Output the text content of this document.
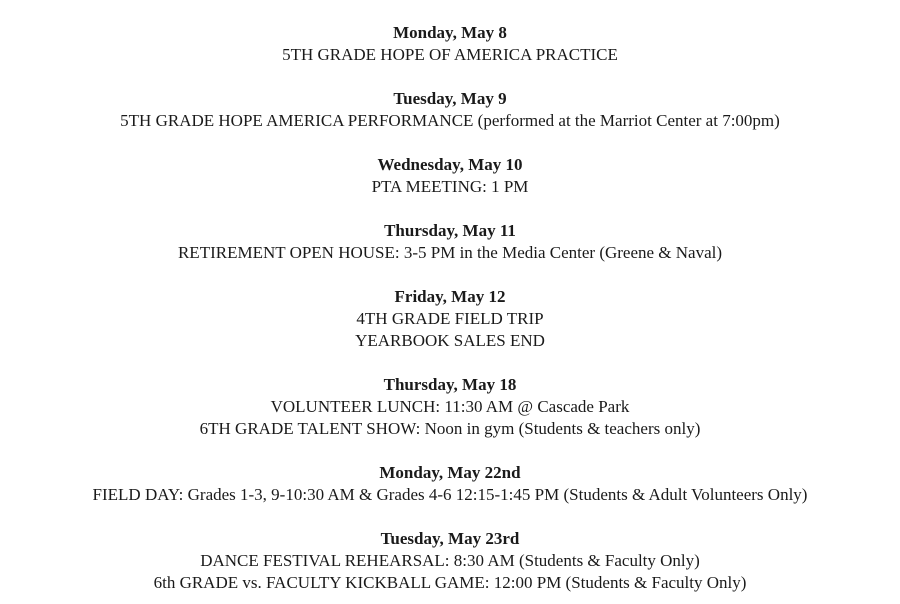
Monday, May 8
5TH GRADE HOPE OF AMERICA PRACTICE
Tuesday, May 9
5TH GRADE HOPE AMERICA PERFORMANCE (performed at the Marriot Center at 7:00pm)
Wednesday, May 10
PTA MEETING: 1 PM
Thursday, May 11
RETIREMENT OPEN HOUSE: 3-5 PM in the Media Center (Greene & Naval)
Friday, May 12
4TH GRADE FIELD TRIP
YEARBOOK SALES END
Thursday, May 18
VOLUNTEER LUNCH: 11:30 AM @ Cascade Park
6TH GRADE TALENT SHOW: Noon in gym (Students & teachers only)
Monday, May 22nd
FIELD DAY: Grades 1-3, 9-10:30 AM & Grades 4-6 12:15-1:45 PM (Students & Adult Volunteers Only)
Tuesday, May 23rd
DANCE FESTIVAL REHEARSAL: 8:30 AM (Students & Faculty Only)
6th GRADE vs. FACULTY KICKBALL GAME: 12:00 PM (Students & Faculty Only)
